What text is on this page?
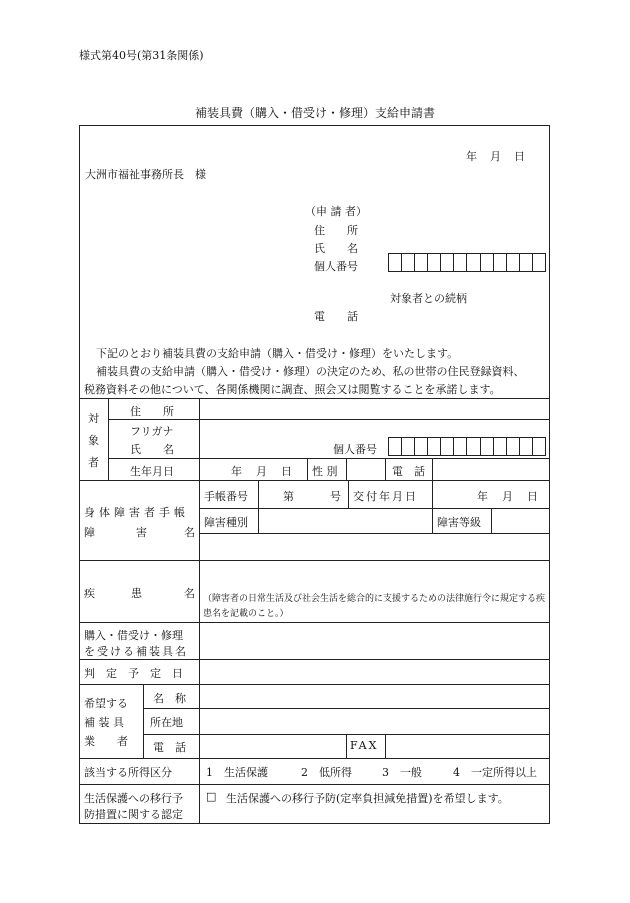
様式第40号(第31条関係)
補装具費（購入・借受け・修理）支給申請書
年 月 日
大洲市福祉事務所長　様
（申 請 者）
住　　所
氏　　名
個人番号
対象者との続柄
電　　話
下記のとおり補装具費の支給申請（購入・借受け・修理）をいたします。
補装具費の支給申請（購入・借受け・修理）の決定のため、私の世帯の住民登録資料、
税務資料その他について、各関係機関に調査、照会又は閲覧することを承諾します。
対
象
者
住　　所
フリガナ
氏　　名	個人番号
生年月日	年 月 日 性 別	電　話
身体障害者手帳
障	害	名
手帳番号	第	号 交付年月日	年 月 日
障害種別	障害等級
疾	患	名 （障害者の日常生活及び社会生活を総合的に支援するための法律施行令に規定する疾
患名を記載のこと。）
購入・借受け・修理
を受ける補装具名
判　定　予　定　日
希望する
補 装 具
業　　者
名　称
所在地
電　話	FAX
該当する所得区分	1　生活保護	2　低所得	3　一般	4　一定所得以上
生活保護への移行予
防措置に関する認定
□ 生活保護への移行予防(定率負担減免措置)を希望します。
